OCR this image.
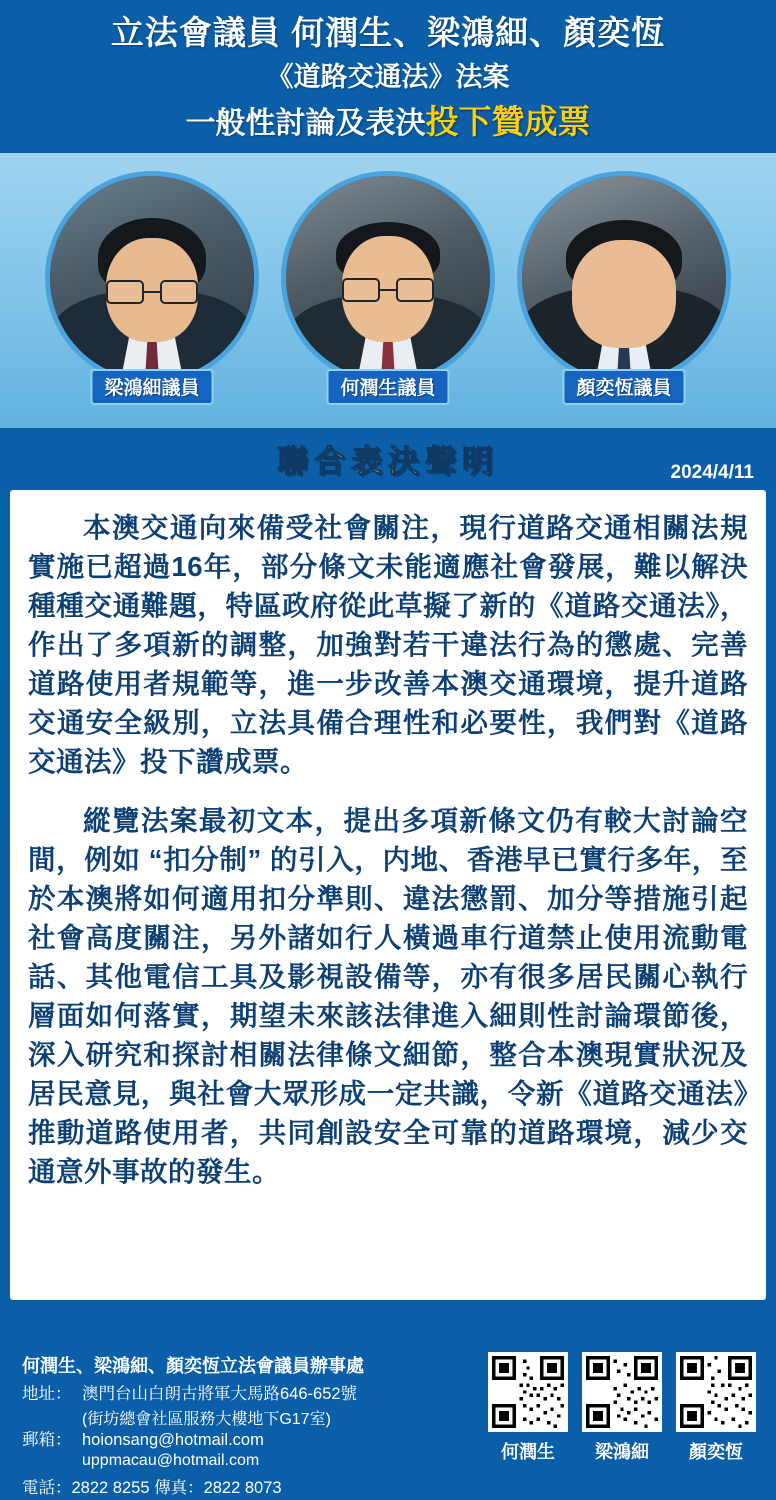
立法會議員 何潤生、梁鴻細、顏奕恆
《道路交通法》法案
一般性討論及表決投下贊成票
梁鴻細議員	何潤生議員	顏奕恆議員
聯合表決聲明	2024/4/11

本澳交通向來備受社會關注，現行道路交通相關法規實施已超過16年，部分條文未能適應社會發展，難以解決種種交通難題，特區政府從此草擬了新的《道路交通法》，作出了多項新的調整，加強對若干違法行為的懲處、完善道路使用者規範等，進一步改善本澳交通環境，提升道路交通安全級別，立法具備合理性和必要性，我們對《道路交通法》投下讚成票。

縱覽法案最初文本，提出多項新條文仍有較大討論空間，例如 “扣分制” 的引入，内地、香港早已實行多年，至於本澳將如何適用扣分準則、違法懲罰、加分等措施引起社會高度關注，另外諸如行人橫過車行道禁止使用流動電話、其他電信工具及影視設備等，亦有很多居民關心執行層面如何落實，期望未來該法律進入細則性討論環節後，深入研究和探討相關法律條文細節，整合本澳現實狀況及居民意見，與社會大眾形成一定共識，令新《道路交通法》推動道路使用者，共同創設安全可靠的道路環境，減少交通意外事故的發生。

何潤生、梁鴻細、顏奕恆立法會議員辦事處
地址： 澳門台山白朗古將軍大馬路646-652號
(街坊總會社區服務大樓地下G17室)
郵箱： hoionsang@hotmail.com
uppmacau@hotmail.com
電話：2822 8255 傳真：2822 8073
何潤生	梁鴻細	顏奕恆
